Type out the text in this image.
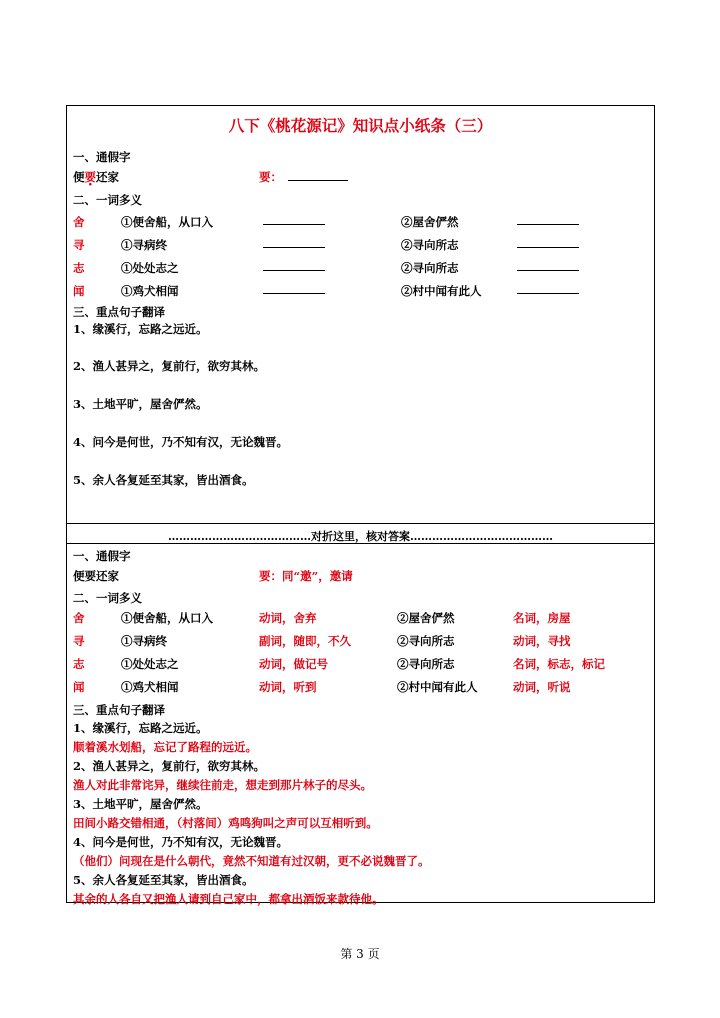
八下《桃花源记》知识点小纸条（三）
一、通假字
便要还家	要：
二、一词多义
舍	①便舍船，从口入	②屋舍俨然
寻	①寻病终	②寻向所志
志	①处处志之	②寻向所志
闻	①鸡犬相闻	②村中闻有此人
三、重点句子翻译
1、缘溪行，忘路之远近。
2、渔人甚异之，复前行，欲穷其林。
3、土地平旷，屋舍俨然。
4、问今是何世，乃不知有汉，无论魏晋。
5、余人各复延至其家，皆出酒食。
…………………………………对折这里，核对答案…………………………………
一、通假字
便要还家	要：同“邀”，邀请
二、一词多义
舍	①便舍船，从口入	动词，舍弃	②屋舍俨然	名词，房屋
寻	①寻病终	副词，随即，不久	②寻向所志	动词，寻找
志	①处处志之	动词，做记号	②寻向所志	名词，标志，标记
闻	①鸡犬相闻	动词，听到	②村中闻有此人	动词，听说
三、重点句子翻译
1、缘溪行，忘路之远近。
顺着溪水划船，忘记了路程的远近。
2、渔人甚异之，复前行，欲穷其林。
渔人对此非常诧异，继续往前走，想走到那片林子的尽头。
3、土地平旷，屋舍俨然。
田间小路交错相通，（村落间）鸡鸣狗叫之声可以互相听到。
4、问今是何世，乃不知有汉，无论魏晋。
（他们）问现在是什么朝代，竟然不知道有过汉朝，更不必说魏晋了。
5、余人各复延至其家，皆出酒食。
其余的人各自又把渔人请到自己家中，都拿出酒饭来款待他。
第 3 页
